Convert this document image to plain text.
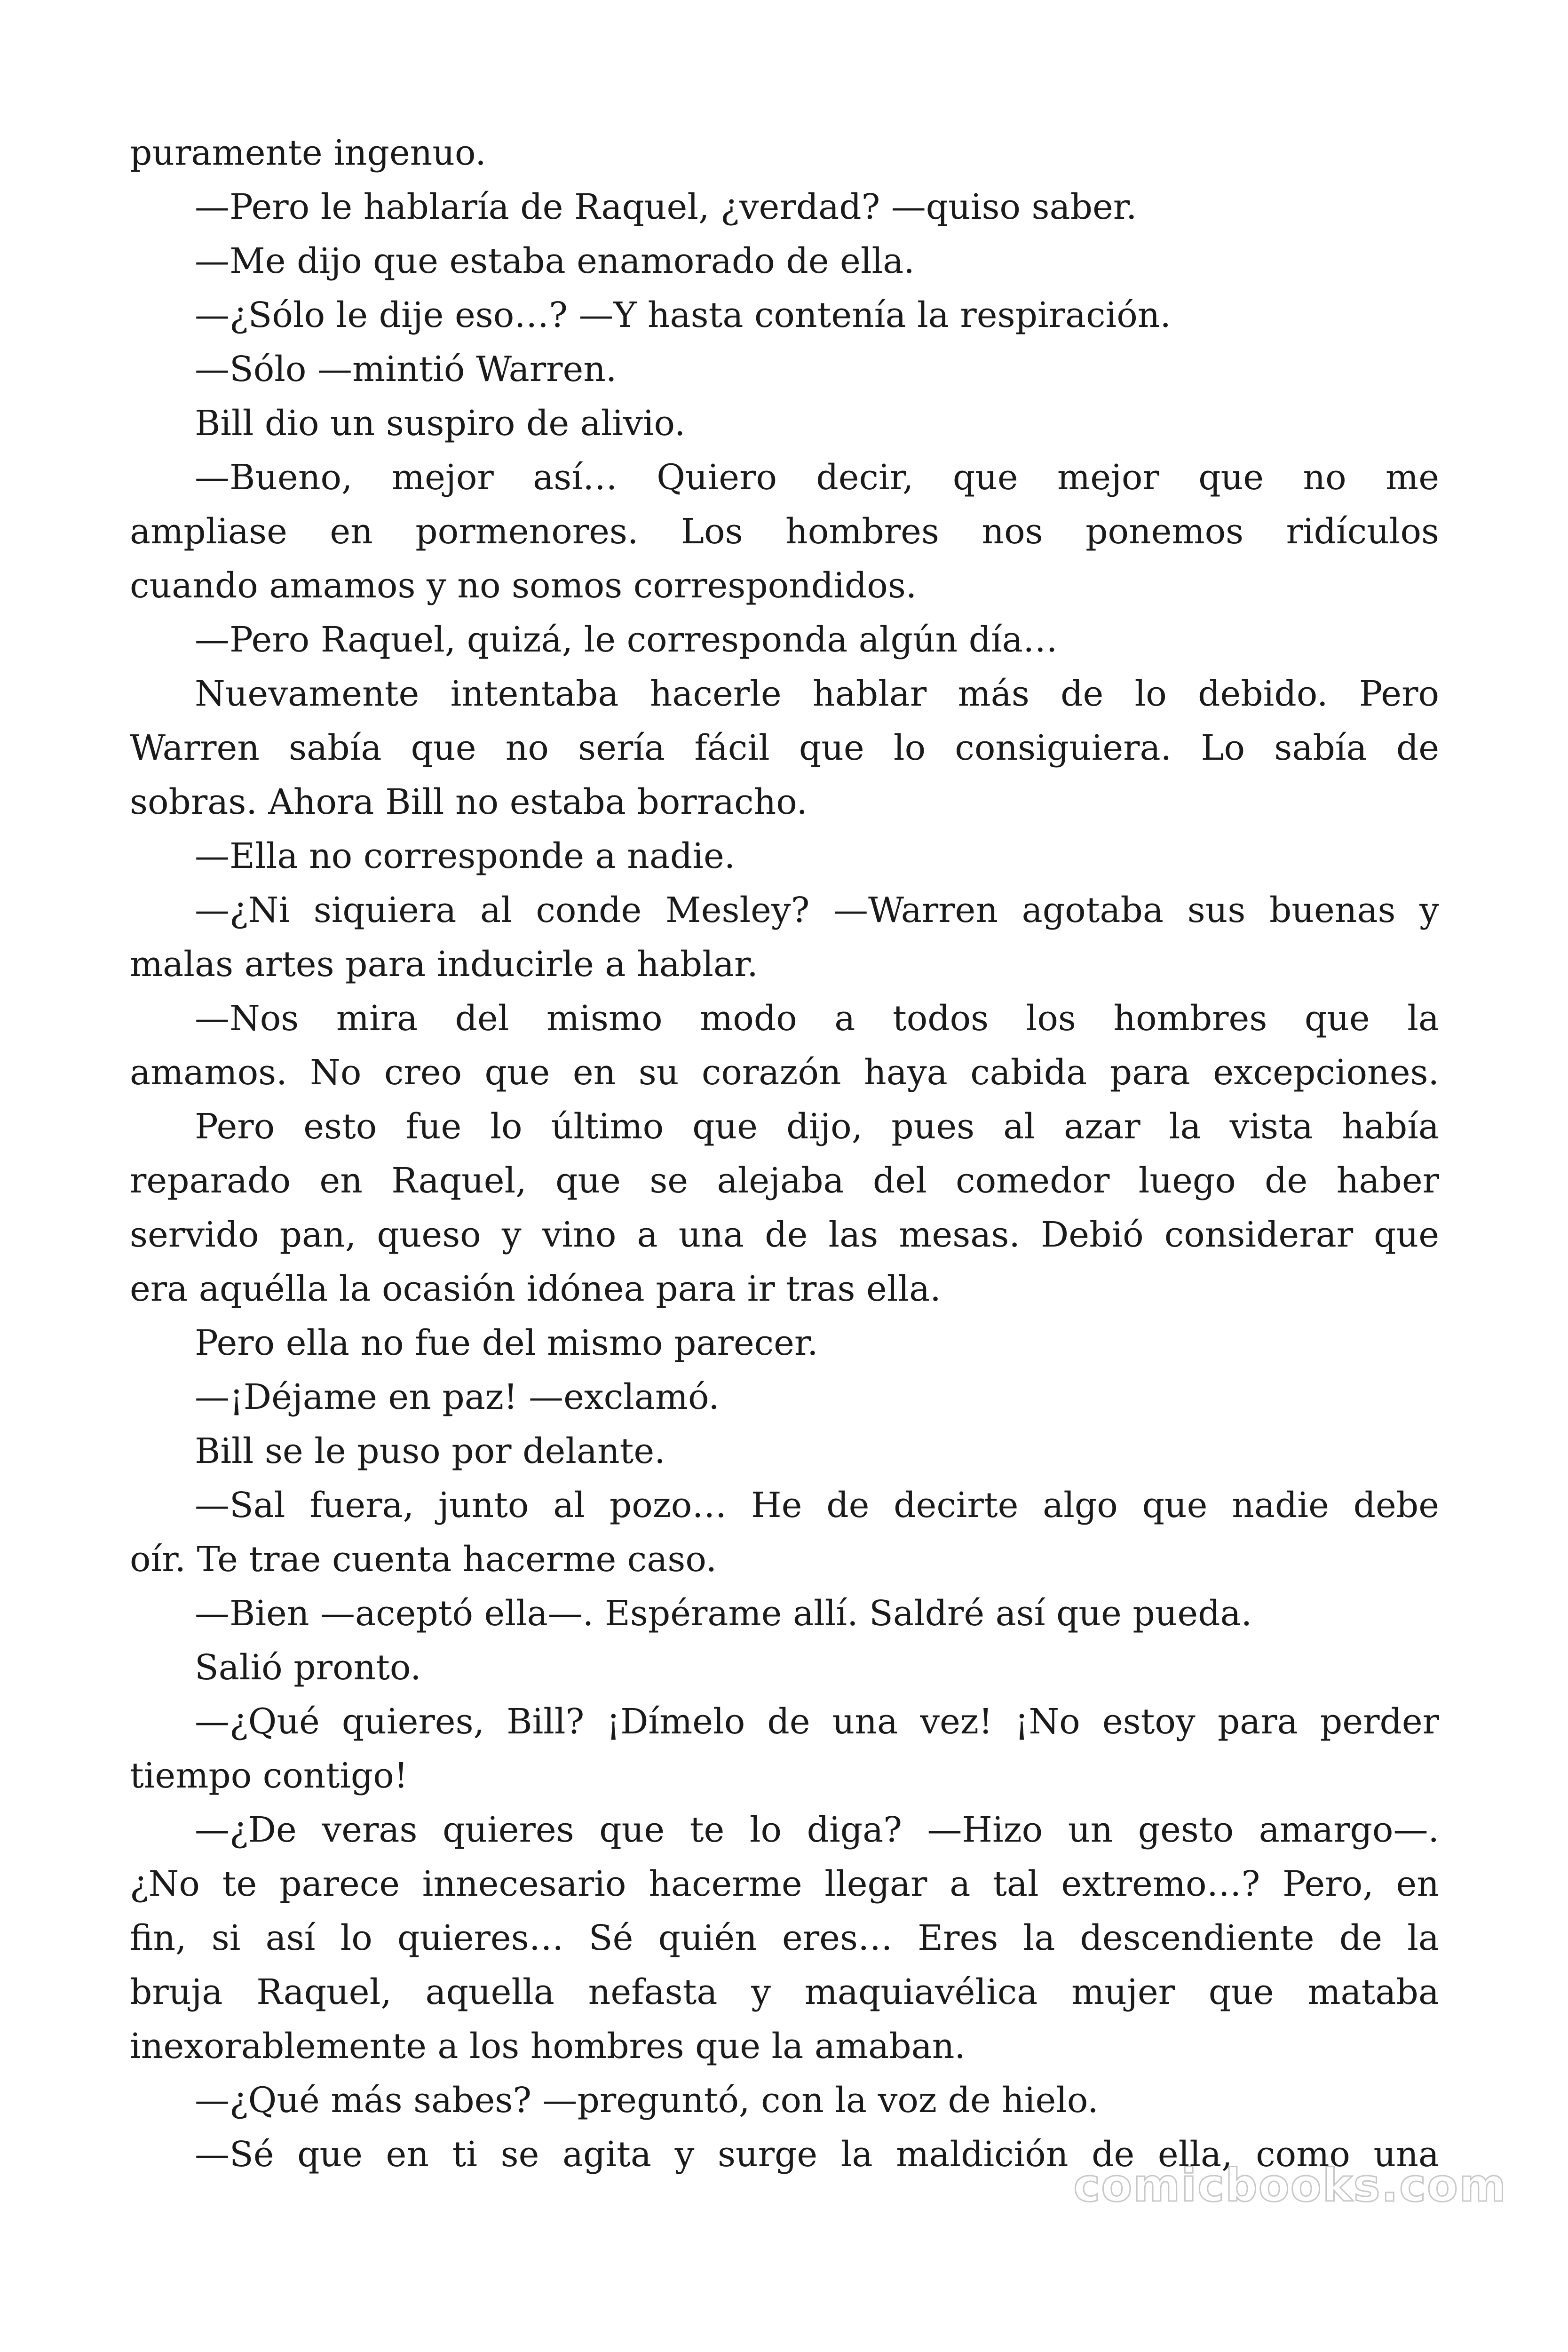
puramente ingenuo.
—Pero le hablaría de Raquel, ¿verdad? —quiso saber.
—Me dijo que estaba enamorado de ella.
—¿Sólo le dije eso…? —Y hasta contenía la respiración.
—Sólo —mintió Warren.
Bill dio un suspiro de alivio.
—Bueno, mejor así… Quiero decir, que mejor que no me
ampliase en pormenores. Los hombres nos ponemos ridículos
cuando amamos y no somos correspondidos.
—Pero Raquel, quizá, le corresponda algún día…
Nuevamente intentaba hacerle hablar más de lo debido. Pero
Warren sabía que no sería fácil que lo consiguiera. Lo sabía de
sobras. Ahora Bill no estaba borracho.
—Ella no corresponde a nadie.
—¿Ni siquiera al conde Mesley? —Warren agotaba sus buenas y
malas artes para inducirle a hablar.
—Nos mira del mismo modo a todos los hombres que la
amamos. No creo que en su corazón haya cabida para excepciones.
Pero esto fue lo último que dijo, pues al azar la vista había
reparado en Raquel, que se alejaba del comedor luego de haber
servido pan, queso y vino a una de las mesas. Debió considerar que
era aquélla la ocasión idónea para ir tras ella.
Pero ella no fue del mismo parecer.
—¡Déjame en paz! —exclamó.
Bill se le puso por delante.
—Sal fuera, junto al pozo… He de decirte algo que nadie debe
oír. Te trae cuenta hacerme caso.
—Bien —aceptó ella—. Espérame allí. Saldré así que pueda.
Salió pronto.
—¿Qué quieres, Bill? ¡Dímelo de una vez! ¡No estoy para perder
tiempo contigo!
—¿De veras quieres que te lo diga? —Hizo un gesto amargo—.
¿No te parece innecesario hacerme llegar a tal extremo…? Pero, en
fin, si así lo quieres… Sé quién eres… Eres la descendiente de la
bruja Raquel, aquella nefasta y maquiavélica mujer que mataba
inexorablemente a los hombres que la amaban.
—¿Qué más sabes? —preguntó, con la voz de hielo.
—Sé que en ti se agita y surge la maldición de ella, como una
comicbooks.com
